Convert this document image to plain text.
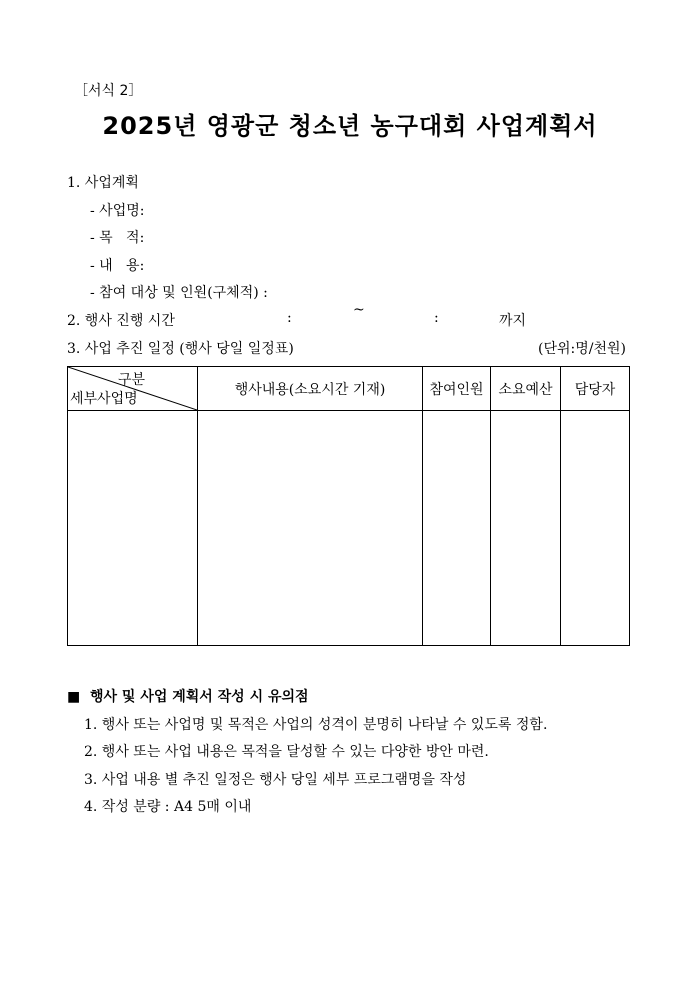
［서식 2］
2025년 영광군 청소년 농구대회 사업계획서
1. 사업계획
- 사업명:
- 목   적:
- 내   용:
- 참여 대상 및 인원(구체적) :
2. 행사 진행 시간	:	~	:	까지
3. 사업 추진 일정 (행사 당일 일정표)	(단위:명/천원)
구분
세부사업명	행사내용(소요시간 기재)	참여인원	소요예산	담당자

■  행사 및 사업 계획서 작성 시 유의점
1. 행사 또는 사업명 및 목적은 사업의 성격이 분명히 나타날 수 있도록 정함.
2. 행사 또는 사업 내용은 목적을 달성할 수 있는 다양한 방안 마련.
3. 사업 내용 별 추진 일정은 행사 당일 세부 프로그램명을 작성
4. 작성 분량 : A4 5매 이내
